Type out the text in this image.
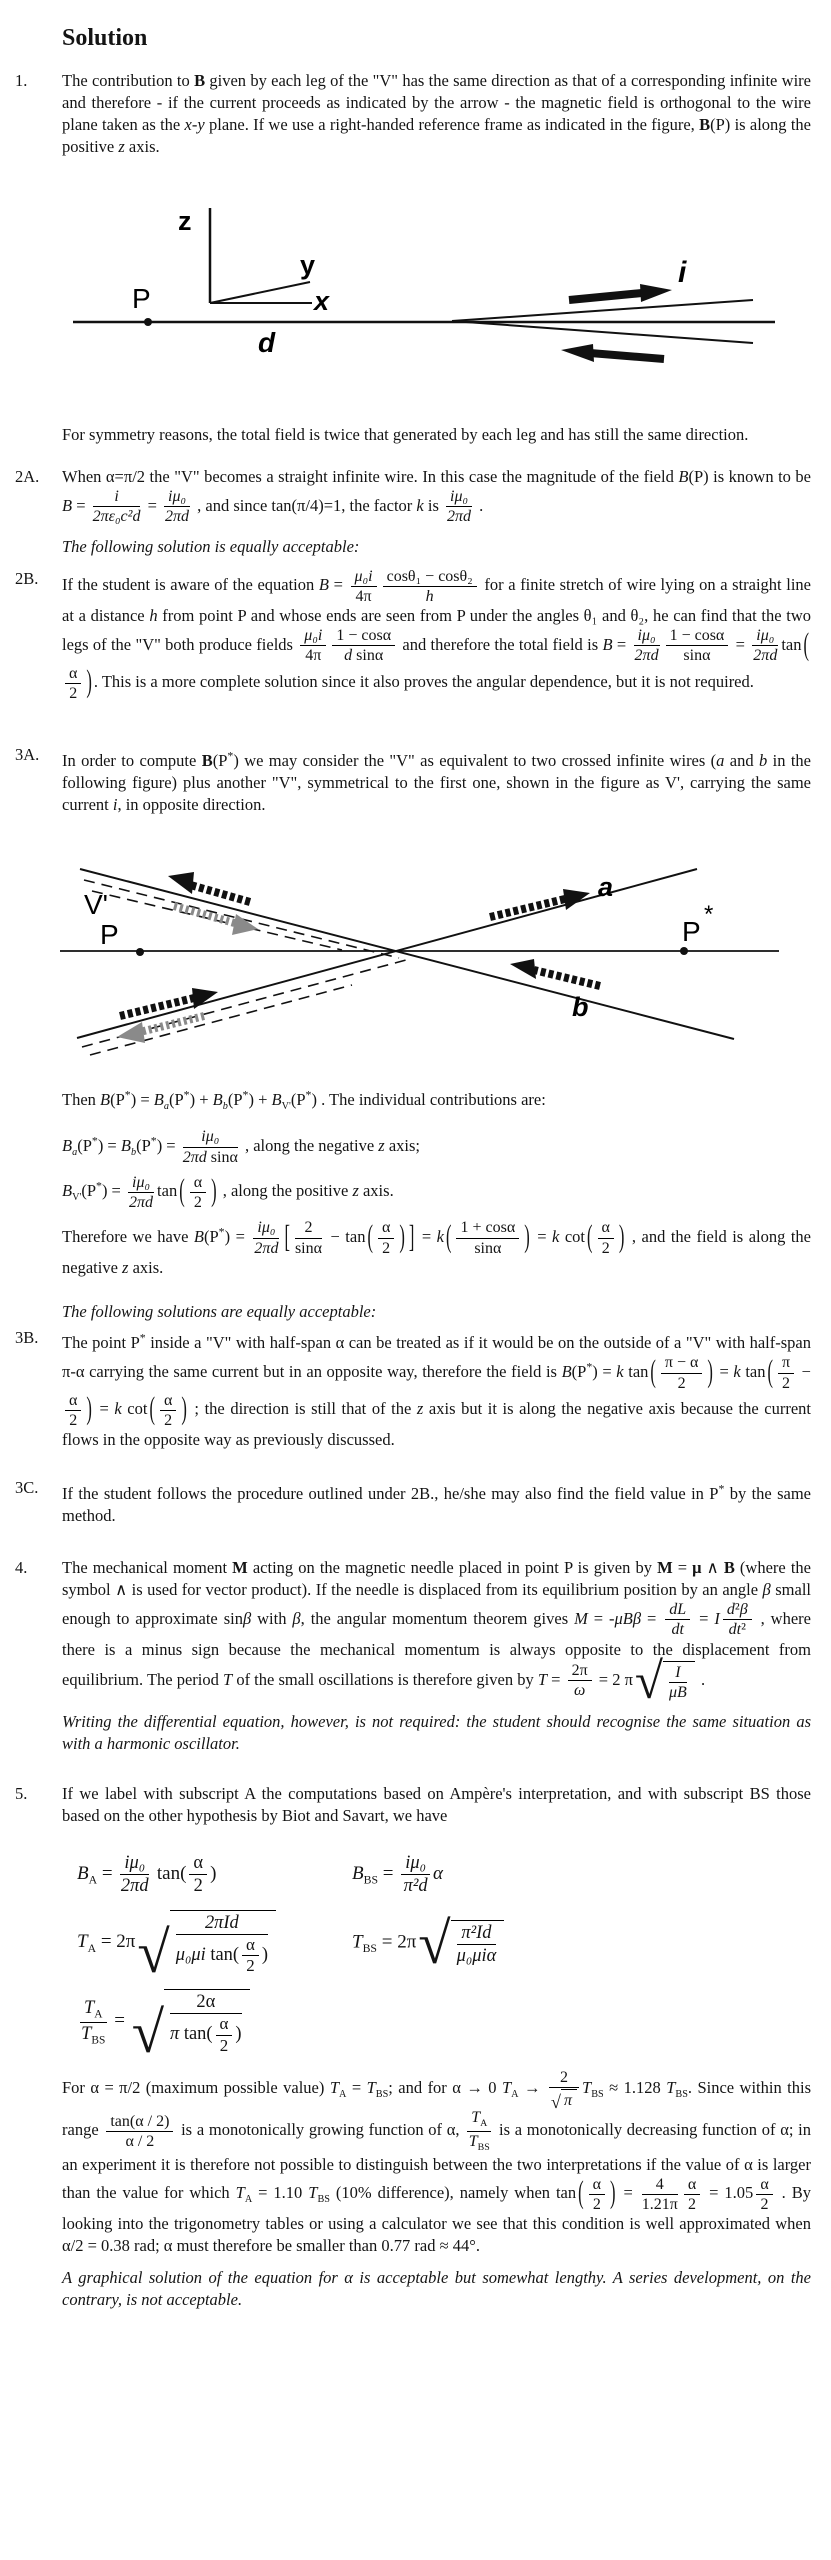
Solution
1.	The contribution to B given by each leg of the "V" has the same direction as that of a corresponding infinite wire and therefore - if the current proceeds as indicated by the arrow - the magnetic field is orthogonal to the wire plane taken as the x-y plane. If we use a right-handed reference frame as indicated in the figure, B(P) is along the positive z axis.
z
y
x
P
d
i
For symmetry reasons, the total field is twice that generated by each leg and has still the same direction.
2A.	When α=π/2 the "V" becomes a straight infinite wire. In this case the magnitude of the field B(P) is known to be $B = \frac{i}{\text{2πε₀c²d}} = \frac{\text{iμ₀}}{2\pi d}$ , and since tan(π/4)=1, the factor k is $\frac{\text{iμ₀}}{2\pi d}$ .
The following solution is equally acceptable:
2B.	If the student is aware of the equation $B = \frac{\text{μ₀i}}{4\pi} \frac{\text{cosθ₁ − cosθ₂}}{h}$ for a finite stretch of wire lying on a straight line at a distance h from point P and whose ends are seen from P under the angles θ₁ and θ₂, he can find that the two legs of the "V" both produce fields $\frac{\text{μ₀i}}{4\pi} \frac{1 - \cos\alpha}{\text{d sinα}}$ and therefore the total field is $B = \frac{\text{iμ₀}}{2\pi d} \frac{1 - \cos\alpha}{\sin\alpha} = \frac{\text{iμ₀}}{2\pi d}$ tan (
$\frac{\alpha}{2}$ ) . This is a more complete solution since it also proves the angular dependence, but it is not required.
3A.	In order to compute B(P*) we may consider the "V" as equivalent to two crossed infinite wires (a and b in the following figure) plus another "V", symmetrical to the first one, shown in the figure as V', carrying the same current i, in opposite direction.
V'
P	P
*
a
b
Then $B(P^*) = B_a(P^*) + B_b(P^*) + B_{V'}(P^*)$ . The individual contributions are:
$B_a(P^*) = B_b(P^*) = \frac{\text{iμ₀}}{\text{2πd sinα}}$ , along the negative z axis;
$B_{V'}(P^*) = \frac{\text{iμ₀}}{2\pi d}$ tan ( $\frac{\alpha}{2}$ ) , along the positive z axis.
Therefore we have $B(P^*) = \frac{\text{iμ₀}}{2\pi d}$ [ $\frac{2}{\sin\alpha} - \tan$ ( $\frac{\alpha}{2}$ ) ] = k ( $\frac{1 + \cos\alpha}{\sin\alpha}$ ) = k cot ( $\frac{\alpha}{2}$ ) , and the field is along the negative z axis.
The following solutions are equally acceptable:
3B.	The point P* inside a "V" with half-span α can be treated as if it would be on the outside of a "V" with half-span π-α carrying the same current but in an opposite way, therefore the field is B(P*) = k tan ( $\frac{\pi - \alpha}{2}$ ) = k tan ( $\frac{\pi}{2}$ −
$\frac{\alpha}{2}$ ) = k cot ( $\frac{\alpha}{2}$ ) ; the direction is still that of the z axis but it is along the negative axis because the current flows in the opposite way as previously discussed.
3C.	If the student follows the procedure outlined under 2B., he/she may also find the field value in P* by the same method.
4.	The mechanical moment M acting on the magnetic needle placed in point P is given by M = μ ∧ B (where the symbol ∧ is used for vector product). If the needle is displaced from its equilibrium position by an angle β small enough to approximate sinβ with β, the angular momentum theorem gives $M = -\mu B\beta = \frac{dL}{dt} = I \frac{\text{d²β}}{\text{dt²}}$ , where there is a minus sign because the mechanical momentum is always opposite to the displacement from equilibrium. The period T of the small oscillations is therefore given by $T = \frac{2\pi}{\omega} = 2$ π √ $\frac{I}{\mu B}$ .
Writing the differential equation, however, is not required: the student should recognise the same situation as with a harmonic oscillator.
5.	If we label with subscript A the computations based on Ampère's interpretation, and with subscript BS those based on the other hypothesis by Biot and Savart, we have
$B_A = \frac{\text{iμ₀}}{2\pi d} \tan( \frac{\alpha}{2}$ )	$B_{BS} = \frac{\text{iμ₀}}{\text{π²d}}$ α
$T_A = 2\pi$ √ $\frac{\text{2πId}}{\mu_0\mu i \tan( \frac{\alpha}{2} )}$	$T_{BS} = 2\pi$ √ $\frac{\text{π²Id}}{\text{μ₀μiα}}$
$\frac{T_A}{T_{BS}}$ = √ $\frac{2\alpha}{\pi \tan( \frac{\alpha}{2} )}$
For α = π/2 (maximum possible value) $T_A = T_{BS}$; and for α → 0 $T_A \to \frac{2}{√ \pi} T_{BS} \approx 1.128$ $T_{BS}$. Since within this range $\frac{\tan(\alpha / 2)}{\alpha / 2}$ is a monotonically growing function of α, $\frac{T_A}{T_{BS}}$ is a monotonically decreasing function of α; in an experiment it is therefore not possible to distinguish between the two interpretations if the value of α is larger than the value for which $T_A = 1.10$ $T_{BS}$ (10% difference), namely when tan ( $\frac{\alpha}{2}$ ) = $\frac{4}{1.21\pi} \frac{\alpha}{2} = 1.05 \frac{\alpha}{2}$ . By looking into the trigonometry tables or using a calculator we see that this condition is well approximated when α/2 = 0.38 rad; α must therefore be smaller than 0.77 rad ≈ 44°.
A graphical solution of the equation for α is acceptable but somewhat lengthy. A series development, on the contrary, is not acceptable.
